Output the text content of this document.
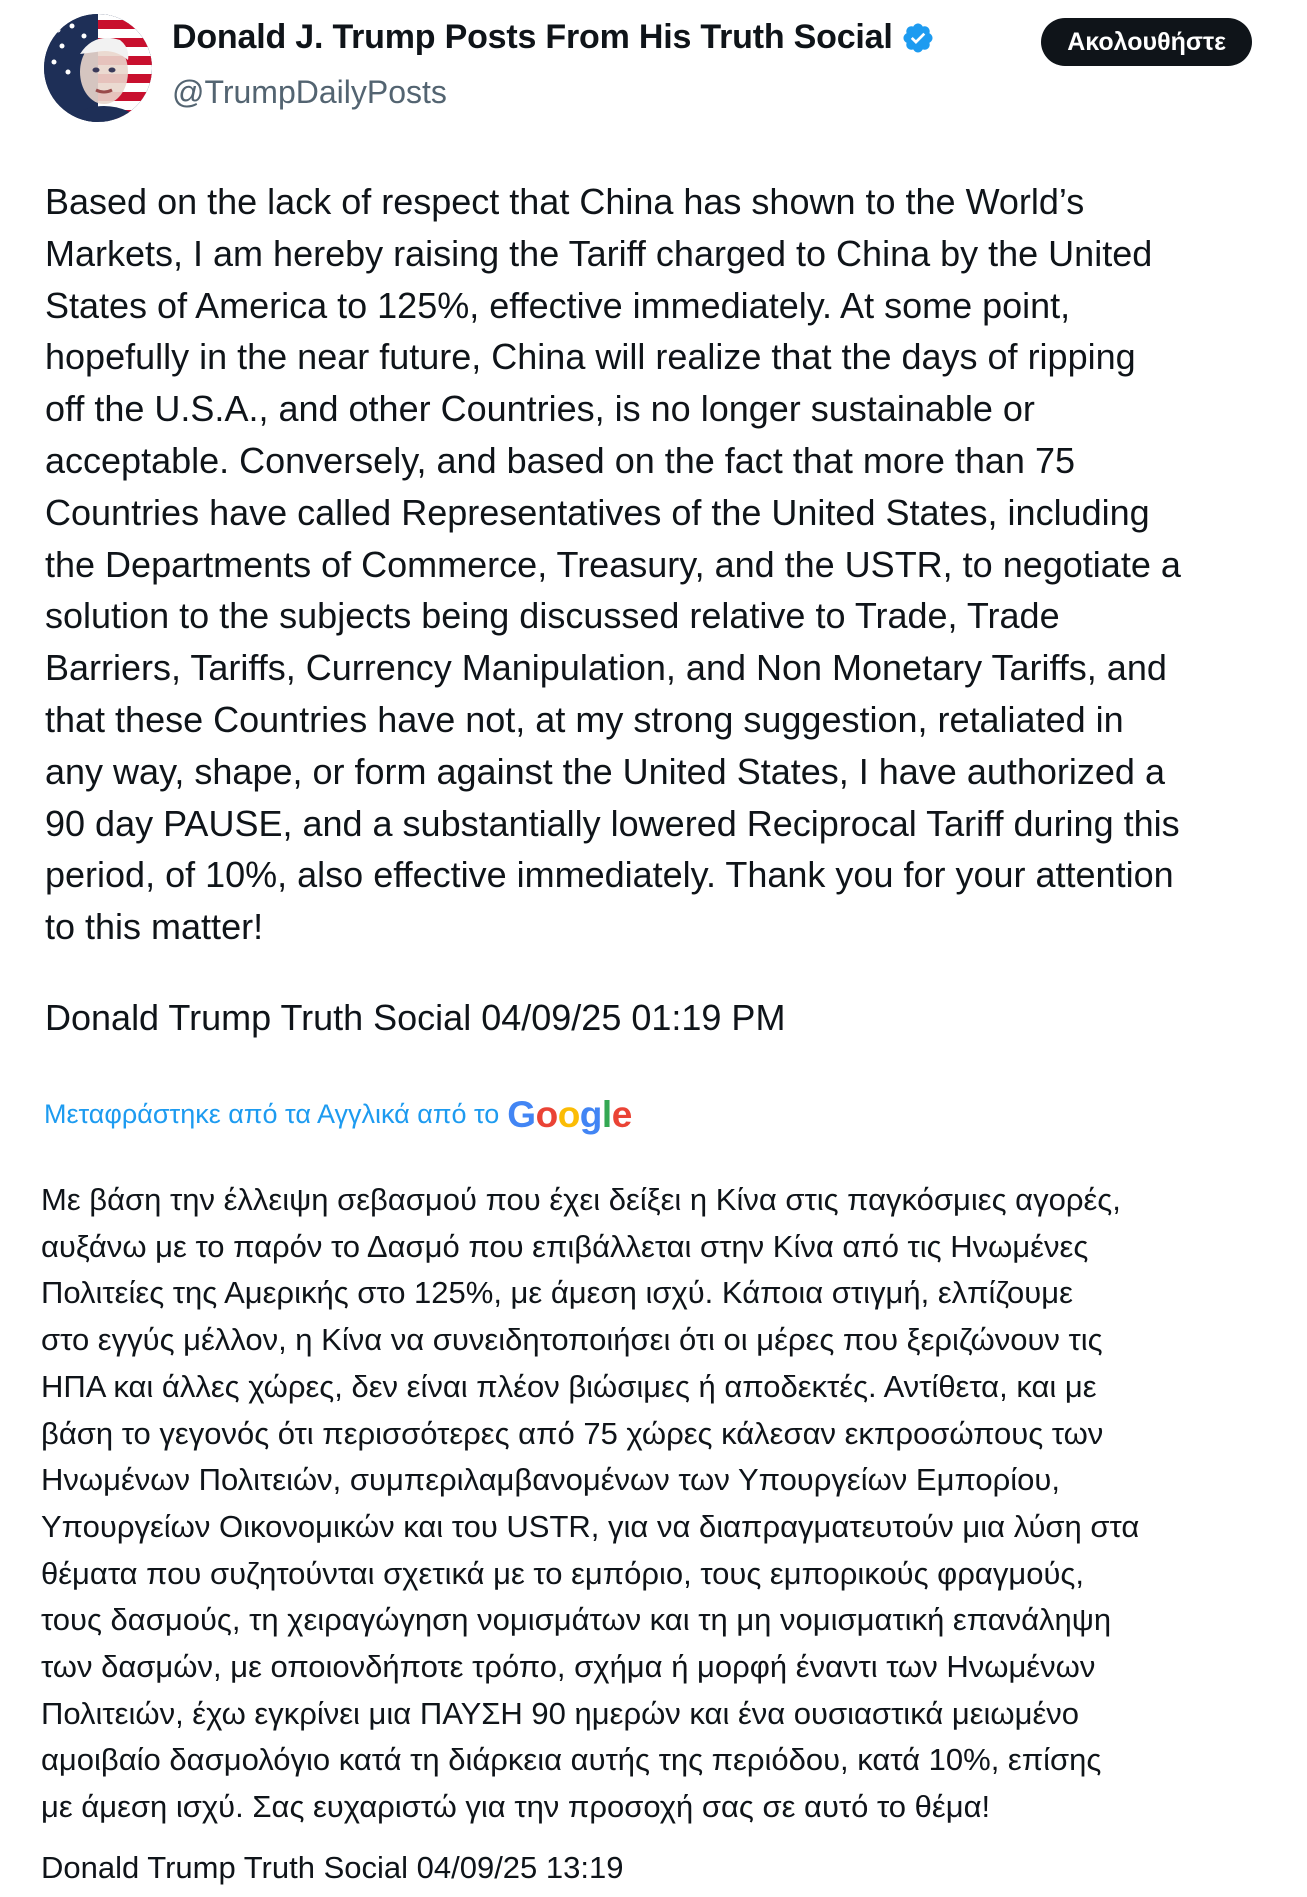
Donald J. Trump Posts From His Truth Social
@TrumpDailyPosts
Ακολουθήστε

Based on the lack of respect that China has shown to the World’s
Markets, I am hereby raising the Tariff charged to China by the United
States of America to 125%, effective immediately. At some point,
hopefully in the near future, China will realize that the days of ripping
off the U.S.A., and other Countries, is no longer sustainable or
acceptable. Conversely, and based on the fact that more than 75
Countries have called Representatives of the United States, including
the Departments of Commerce, Treasury, and the USTR, to negotiate a
solution to the subjects being discussed relative to Trade, Trade
Barriers, Tariffs, Currency Manipulation, and Non Monetary Tariffs, and
that these Countries have not, at my strong suggestion, retaliated in
any way, shape, or form against the United States, I have authorized a
90 day PAUSE, and a substantially lowered Reciprocal Tariff during this
period, of 10%, also effective immediately. Thank you for your attention
to this matter!

Donald Trump Truth Social 04/09/25 01:19 PM
Μεταφράστηκε από τα Αγγλικά από το Google

Με βάση την έλλειψη σεβασμού που έχει δείξει η Κίνα στις παγκόσμιες αγορές,
αυξάνω με το παρόν το Δασμό που επιβάλλεται στην Κίνα από τις Ηνωμένες
Πολιτείες της Αμερικής στο 125%, με άμεση ισχύ. Κάποια στιγμή, ελπίζουμε
στο εγγύς μέλλον, η Κίνα να συνειδητοποιήσει ότι οι μέρες που ξεριζώνουν τις
ΗΠΑ και άλλες χώρες, δεν είναι πλέον βιώσιμες ή αποδεκτές. Αντίθετα, και με
βάση το γεγονός ότι περισσότερες από 75 χώρες κάλεσαν εκπροσώπους των
Ηνωμένων Πολιτειών, συμπεριλαμβανομένων των Υπουργείων Εμπορίου,
Υπουργείων Οικονομικών και του USTR, για να διαπραγματευτούν μια λύση στα
θέματα που συζητούνται σχετικά με το εμπόριο, τους εμπορικούς φραγμούς,
τους δασμούς, τη χειραγώγηση νομισμάτων και τη μη νομισματική επανάληψη
των δασμών, με οποιονδήποτε τρόπο, σχήμα ή μορφή έναντι των Ηνωμένων
Πολιτειών, έχω εγκρίνει μια ΠΑΥΣΗ 90 ημερών και ένα ουσιαστικά μειωμένο
αμοιβαίο δασμολόγιο κατά τη διάρκεια αυτής της περιόδου, κατά 10%, επίσης
με άμεση ισχύ. Σας ευχαριστώ για την προσοχή σας σε αυτό το θέμα!

Donald Trump Truth Social 04/09/25 13:19
